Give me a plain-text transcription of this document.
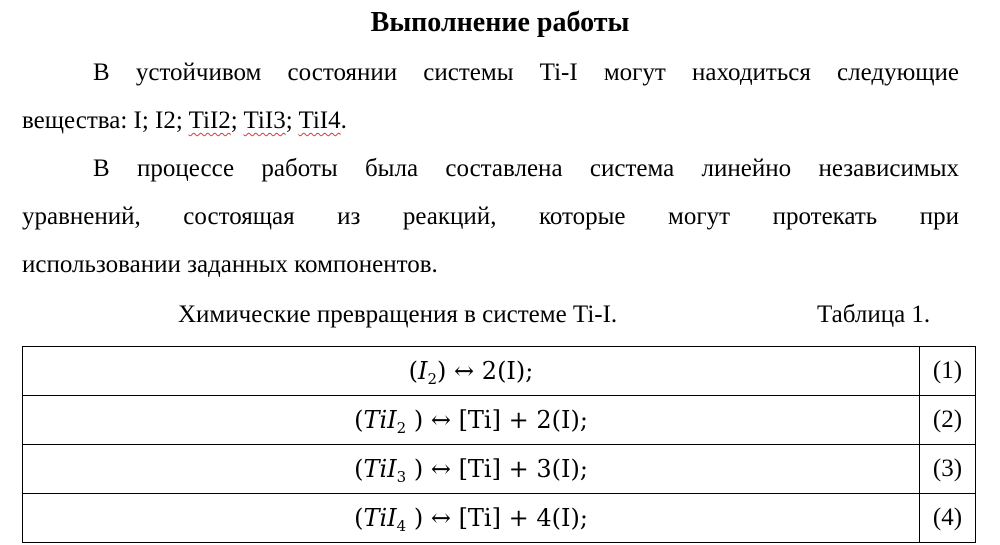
Выполнение работы
В устойчивом состоянии системы Ti-I могут находиться следующие
вещества: I; I2; TiI2; TiI3; TiI4.
В процессе работы была составлена система линейно независимых
уравнений, состоящая из реакций, которые могут протекать при
использовании заданных компонентов.
Химические превращения в системе Ti-I.	Таблица 1.
$(I_2)$ ↔ 2(I);	(1)
(TiI$_2$ ) ↔ [Ti] + 2(I);	(2)
(TiI$_3$ ) ↔ [Ti] + 3(I);	(3)
(TiI$_4$ ) ↔ [Ti] + 4(I);	(4)
